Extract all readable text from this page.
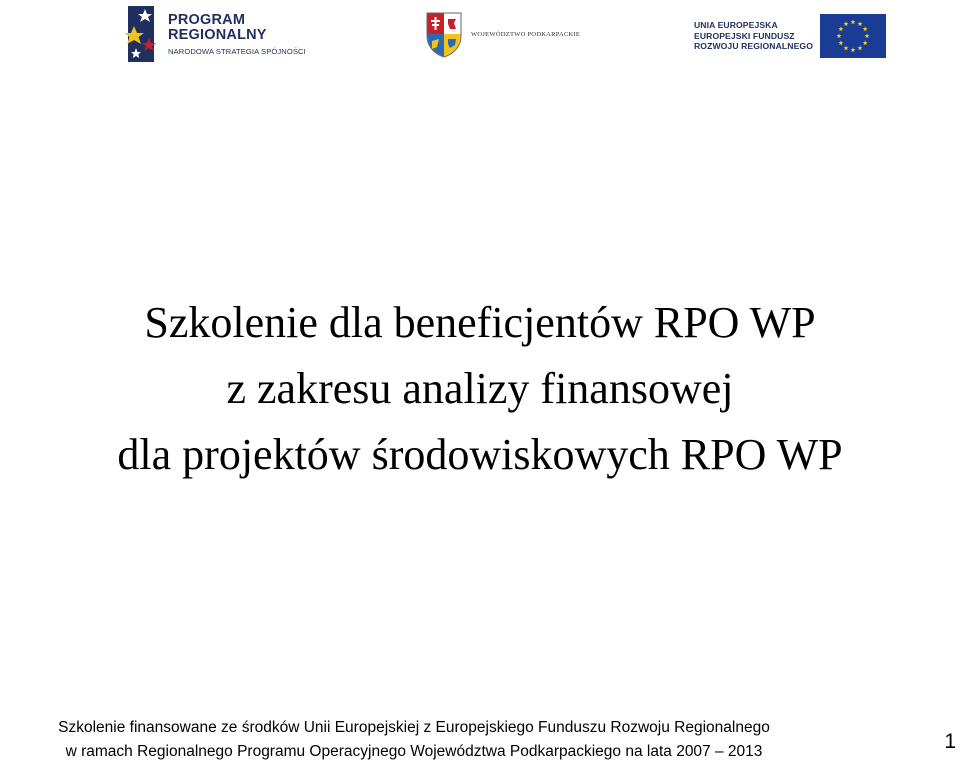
PROGRAM
REGIONALNY
NARODOWA STRATEGIA SPÓJNOŚCI
WOJEWÓDZTWO PODKARPACKIE
UNIA EUROPEJSKA
EUROPEJSKI FUNDUSZ
ROZWOJU REGIONALNEGO
Szkolenie dla beneficjentów RPO WP
z zakresu analizy finansowej
dla projektów środowiskowych RPO WP
Szkolenie finansowane ze środków Unii Europejskiej z Europejskiego Funduszu Rozwoju Regionalnego
w ramach Regionalnego Programu Operacyjnego Województwa Podkarpackiego na lata 2007 – 2013	1
